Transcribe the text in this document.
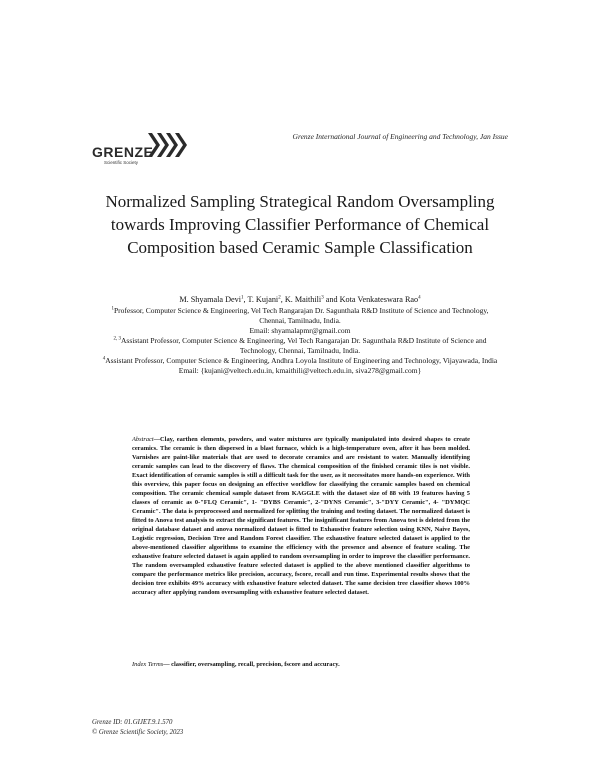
GRENZE
Scientific Society
Grenze International Journal of Engineering and Technology, Jan Issue
Normalized Sampling Strategical Random Oversampling towards Improving Classifier Performance of Chemical Composition based Ceramic Sample Classification
M. Shyamala Devi$^1$, T. Kujani$^2$, K. Maithili$^3$ and Kota Venkateswara Rao$^4$

$^1$Professor, Computer Science & Engineering, Vel Tech Rangarajan Dr. Sagunthala R&D Institute of Science and Technology, Chennai, Tamilnadu, India.

Email: shyamalapmr@gmail.com

$^{2, 3}$Assistant Professor, Computer Science & Engineering, Vel Tech Rangarajan Dr. Sagunthala R&D Institute of Science and Technology, Chennai, Tamilnadu, India.

$^4$Assistant Professor, Computer Science & Engineering, Andhra Loyola Institute of Engineering and Technology, Vijayawada, India

Email: {kujani@veltech.edu.in, kmaithili@veltech.edu.in, siva278@gmail.com}

Abstract—Clay, earthen elements, powders, and water mixtures are typically manipulated into desired shapes to create ceramics. The ceramic is then dispersed in a blast furnace, which is a high-temperature oven, after it has been molded. Varnishes are paint-like materials that are used to decorate ceramics and are resistant to water. Manually identifying ceramic samples can lead to the discovery of flaws. The chemical composition of the finished ceramic tiles is not visible. Exact identification of ceramic samples is still a difficult task for the user, as it necessitates more hands-on experience. With this overview, this paper focus on designing an effective workflow for classifying the ceramic samples based on chemical composition. The ceramic chemical sample dataset from KAGGLE with the dataset size of 88 with 19 features having 5 classes of ceramic as 0-"FLQ Ceramic", 1- "DYBS Ceramic", 2-"DYNS Ceramic", 3-"DYY Ceramic", 4- "DYMQC Ceramic". The data is preprocessed and normalized for splitting the training and testing dataset. The normalized dataset is fitted to Anova test analysis to extract the significant features. The insignificant features from Anova test is deleted from the original database dataset and anova normalized dataset is fitted to Exhaustive feature selection using KNN, Naive Bayes, Logistic regression, Decision Tree and Random Forest classifier. The exhaustive feature selected dataset is applied to the above-mentioned classifier algorithms to examine the efficiency with the presence and absence of feature scaling. The exhaustive feature selected dataset is again applied to random oversampling in order to improve the classifier performance. The random oversampled exhaustive feature selected dataset is applied to the above mentioned classifier algorithms to compare the performance metrics like precision, accuracy, fscore, recall and run time. Experimental results shows that the decision tree exhibits 49% accuracy with exhaustive feature selected dataset. The same decision tree classifier shows 100% accuracy after applying random oversampling with exhaustive feature selected dataset.

Index Terms— classifier, oversampling, recall, precision, fscore and accuracy.

Grenze ID: 01.GIJET.9.1.570
© Grenze Scientific Society, 2023
